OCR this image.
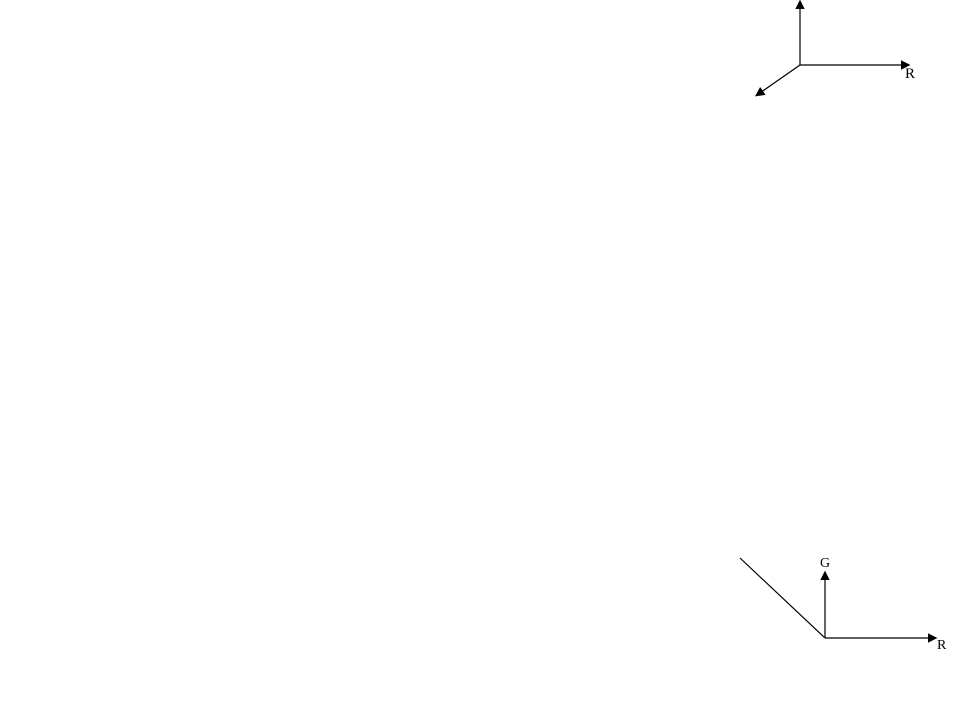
R
G
R
